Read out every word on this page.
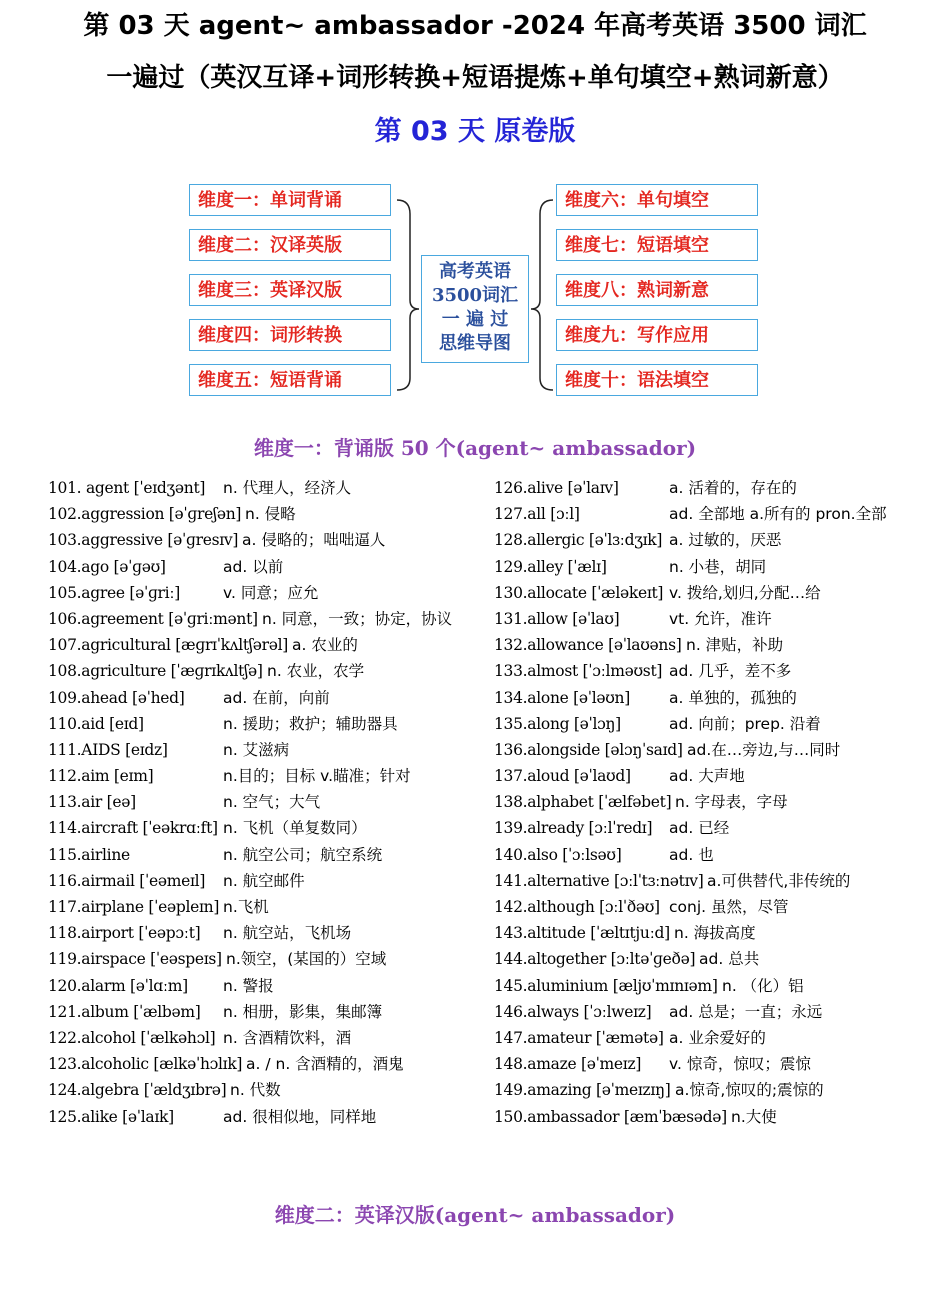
第 03 天 agent~ ambassador -2024 年高考英语 3500 词汇
一遍过（英汉互译+词形转换+短语提炼+单句填空+熟词新意）
第 03 天 原卷版
维度一：单词背诵
维度二：汉译英版
维度三：英译汉版
维度四：词形转换
维度五：短语背诵
维度六：单句填空
维度七：短语填空
维度八：熟词新意
维度九：写作应用
维度十：语法填空
高考英语
3500词汇
一 遍 过
思维导图
维度一：背诵版 50 个(agent~ ambassador)
101. agent [ˈeɪdʒənt] n. 代理人，经济人
102.aggression [əˈɡreʃən] n. 侵略
103.aggressive [əˈɡresɪv] a. 侵略的；咄咄逼人
104.ago [əˈɡəʊ]	ad. 以前
105.agree [əˈɡriː]	v. 同意；应允
106.agreement [əˈɡriːmənt] n. 同意，一致；协定，协议
107.agricultural [æɡrɪˈkʌltʃərəl] a. 农业的
108.agriculture [ˈæɡrɪkʌltʃə] n. 农业，农学
109.ahead [əˈhed] ad. 在前，向前
110.aid [eɪd]	n. 援助；救护；辅助器具
111.AIDS [eɪdz]	n. 艾滋病
112.aim [eɪm]	n.目的；目标 v.瞄准；针对
113.air [eə]	n. 空气；大气
114.aircraft [ˈeəkrɑːft] n. 飞机（单复数同）
115.airline	n. 航空公司；航空系统
116.airmail [ˈeəmeɪl] n. 航空邮件
117.airplane [ˈeəpleɪn] n.飞机
118.airport [ˈeəpɔːt] n. 航空站，飞机场
119.airspace [ˈeəspeɪs] n.领空，(某国的）空域
120.alarm [əˈlɑːm] n. 警报
121.album [ˈælbəm] n. 相册，影集，集邮簿
122.alcohol [ˈælkəhɔl] n. 含酒精饮料，酒
123.alcoholic [ælkəˈhɔlɪk] a. / n. 含酒精的，酒鬼
124.algebra [ˈældʒɪbrə] n. 代数
125.alike [əˈlaɪk]	ad. 很相似地，同样地
126.alive [əˈlaɪv]	a. 活着的，存在的
127.all [ɔːl]	ad. 全部地 a.所有的 pron.全部
128.allergic [əˈlɜːdʒɪk] a. 过敏的，厌恶
129.alley [ˈælɪ]	n. 小巷，胡同
130.allocate [ˈæləkeɪt] v. 拨给,划归,分配…给
131.allow [əˈlaʊ]	vt. 允许，准许
132.allowance [əˈlaʊəns] n. 津贴，补助
133.almost [ˈɔːlməʊst] ad. 几乎，差不多
134.alone [əˈləʊn]	a. 单独的，孤独的
135.along [əˈlɔŋ]	ad. 向前；prep. 沿着
136.alongside [əlɔŋˈsaɪd] ad.在…旁边,与…同时
137.aloud [əˈlaʊd] ad. 大声地
138.alphabet [ˈælfəbet] n. 字母表，字母
139.already [ɔːlˈredɪ] ad. 已经
140.also [ˈɔːlsəʊ]	ad. 也
141.alternative [ɔːlˈtɜːnətɪv] a.可供替代,非传统的
142.although [ɔːlˈðəʊ] conj. 虽然，尽管
143.altitude [ˈæltɪtjuːd] n. 海拔高度
144.altogether [ɔːltəˈɡeðə] ad. 总共
145.aluminium [æljʊˈmɪnɪəm] n. （化）铝
146.always [ˈɔːlweɪz] ad. 总是；一直；永远
147.amateur [ˈæmətə] a. 业余爱好的
148.amaze [əˈmeɪz] v. 惊奇，惊叹；震惊
149.amazing [əˈmeɪzɪŋ] a.惊奇,惊叹的;震惊的
150.ambassador [æmˈbæsədə] n.大使
维度二：英译汉版(agent~ ambassador)
